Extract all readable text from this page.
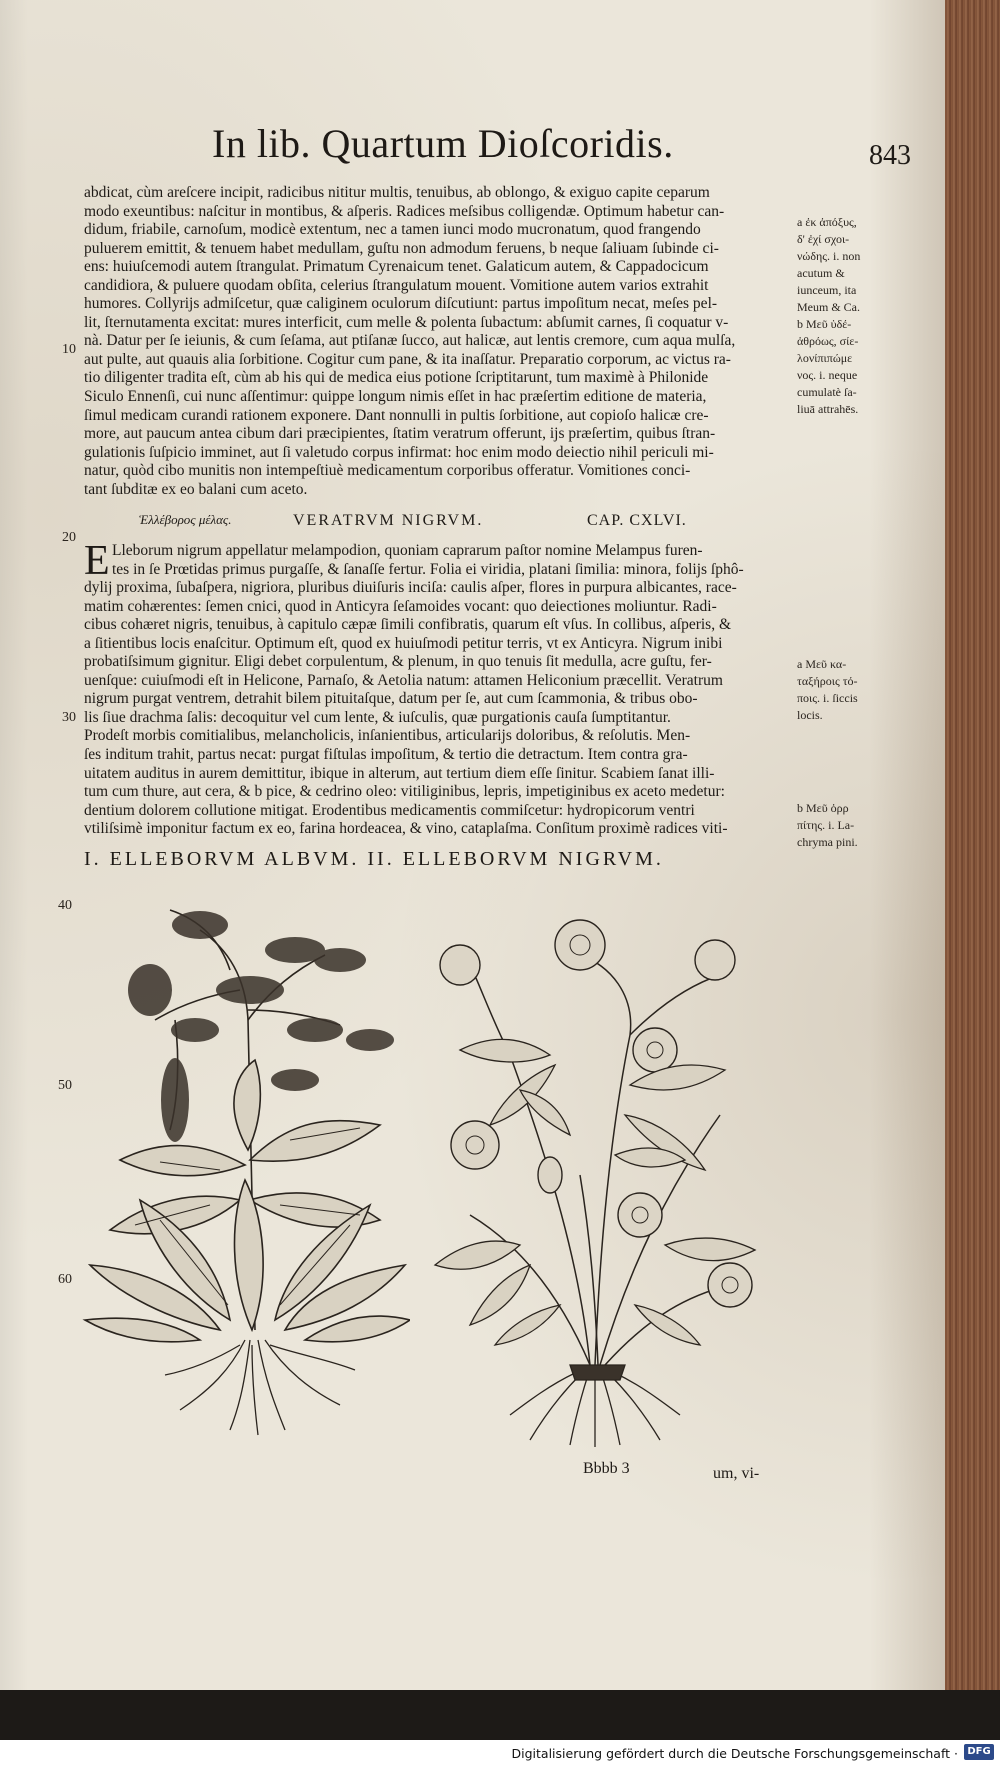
In lib. Quartum Dioſcoridis.	843
abdicat, cùm areſcere incipit, radicibus nititur multis, tenuibus, ab oblongo, & exiguo capite ceparum
modo exeuntibus: naſcitur in montibus, & aſperis. Radices meſsibus colligendæ. Optimum habetur can-
didum, friabile, carnoſum, modicè extentum, nec a tamen iunci modo mucronatum, quod frangendo
puluerem emittit, & tenuem habet medullam, guſtu non admodum feruens, b neque ſaliuam ſubinde ci-
ens: huiuſcemodi autem ſtrangulat. Primatum Cyrenaicum tenet. Galaticum autem, & Cappadocicum
candidiora, & puluere quodam obſita, celerius ſtrangulatum mouent. Vomitione autem varios extrahit
humores. Collyrijs admiſcetur, quæ caliginem oculorum diſcutiunt: partus impoſitum necat, meſes pel-
lit, ſternutamenta excitat: mures interficit, cum melle & polenta ſubactum: abſumit carnes, ſi coquatur v-
nà. Datur per ſe ieiunis, & cum ſeſama, aut ptiſanæ ſucco, aut halicæ, aut lentis cremore, cum aqua mulſa,
aut pulte, aut quauis alia ſorbitione. Cogitur cum pane, & ita inaſſatur. Preparatio corporum, ac victus ra-
tio diligenter tradita eſt, cùm ab his qui de medica eius potione ſcriptitarunt, tum maximè à Philonide
Siculo Ennenſi, cui nunc aſſentimur: quippe longum nimis eſſet in hac præſertim editione de materia,
ſimul medicam curandi rationem exponere. Dant nonnulli in pultis ſorbitione, aut copioſo halicæ cre-
more, aut paucum antea cibum dari præcipientes, ſtatim veratrum offerunt, ijs præſertim, quibus ſtran-
gulationis ſuſpicio imminet, aut ſi valetudo corpus infirmat: hoc enim modo deiectio nihil periculi mi-
natur, quòd cibo munitis non intempeſtiuè medicamentum corporibus offeratur. Vomitiones conci-
tant ſubditæ ex eo balani cum aceto.
a ἐκ ἀπόξυς,
δ' ἐχί σχοι-
νώδης. i. non
acutum &
iunceum, ita
Meum & Ca.
b Μεῦ ὑδέ-
ἀθρόως, σίε-
λονίπιπώμε
νος. i. neque
cumulatè ſa-
liuā attrahēs.
a Μεῦ κα-
ταξήροις τό-
ποις. i. ſiccis
locis.
b Μεῦ ὀρρ
πίτης. i. La-
chryma pini.
10
20
30
40
50
60
Ἑλλέβορος μέλας.	VERATRVM NIGRVM.	CAP. CXLVI.
E Lleborum nigrum appellatur melampodion, quoniam caprarum paſtor nomine Melampus furen-
tes in ſe Prœtidas primus purgaſſe, & ſanaſſe fertur. Folia ei viridia, platani ſimilia: minora, folijs ſphô-
dylij proxima, ſubaſpera, nigriora, pluribus diuiſuris inciſa: caulis aſper, flores in purpura albicantes, race-
matim cohærentes: ſemen cnici, quod in Anticyra ſeſamoides vocant: quo deiectiones moliuntur. Radi-
cibus cohæret nigris, tenuibus, à capitulo cæpæ ſimili confibratis, quarum eſt vſus. In collibus, aſperis, &
a ſitientibus locis enaſcitur. Optimum eſt, quod ex huiuſmodi petitur terris, vt ex Anticyra. Nigrum inibi
probatiſsimum gignitur. Eligi debet corpulentum, & plenum, in quo tenuis ſit medulla, acre guſtu, fer-
uenſque: cuiuſmodi eſt in Helicone, Parnaſo, & Aetolia natum: attamen Heliconium præcellit. Veratrum
nigrum purgat ventrem, detrahit bilem pituitaſque, datum per ſe, aut cum ſcammonia, & tribus obo-
lis ſiue drachma ſalis: decoquitur vel cum lente, & iuſculis, quæ purgationis cauſa ſumptitantur.
Prodeſt morbis comitialibus, melancholicis, inſanientibus, articularijs doloribus, & reſolutis. Men-
ſes inditum trahit, partus necat: purgat fiſtulas impoſitum, & tertio die detractum. Item contra gra-
uitatem auditus in aurem demittitur, ibique in alterum, aut tertium diem eſſe ſinitur. Scabiem ſanat illi-
tum cum thure, aut cera, & b pice, & cedrino oleo: vitiliginibus, lepris, impetiginibus ex aceto medetur:
dentium dolorem collutione mitigat. Erodentibus medicamentis commiſcetur: hydropicorum ventri
vtiliſsimè imponitur factum ex eo, farina hordeacea, & vino, cataplaſma. Conſitum proximè radices viti-
I. ELLEBORVM ALBVM. II. ELLEBORVM NIGRVM.
Bbbb 3	um, vi-
Digitalisierung gefördert durch die Deutsche Forschungsgemeinschaft · DFG
